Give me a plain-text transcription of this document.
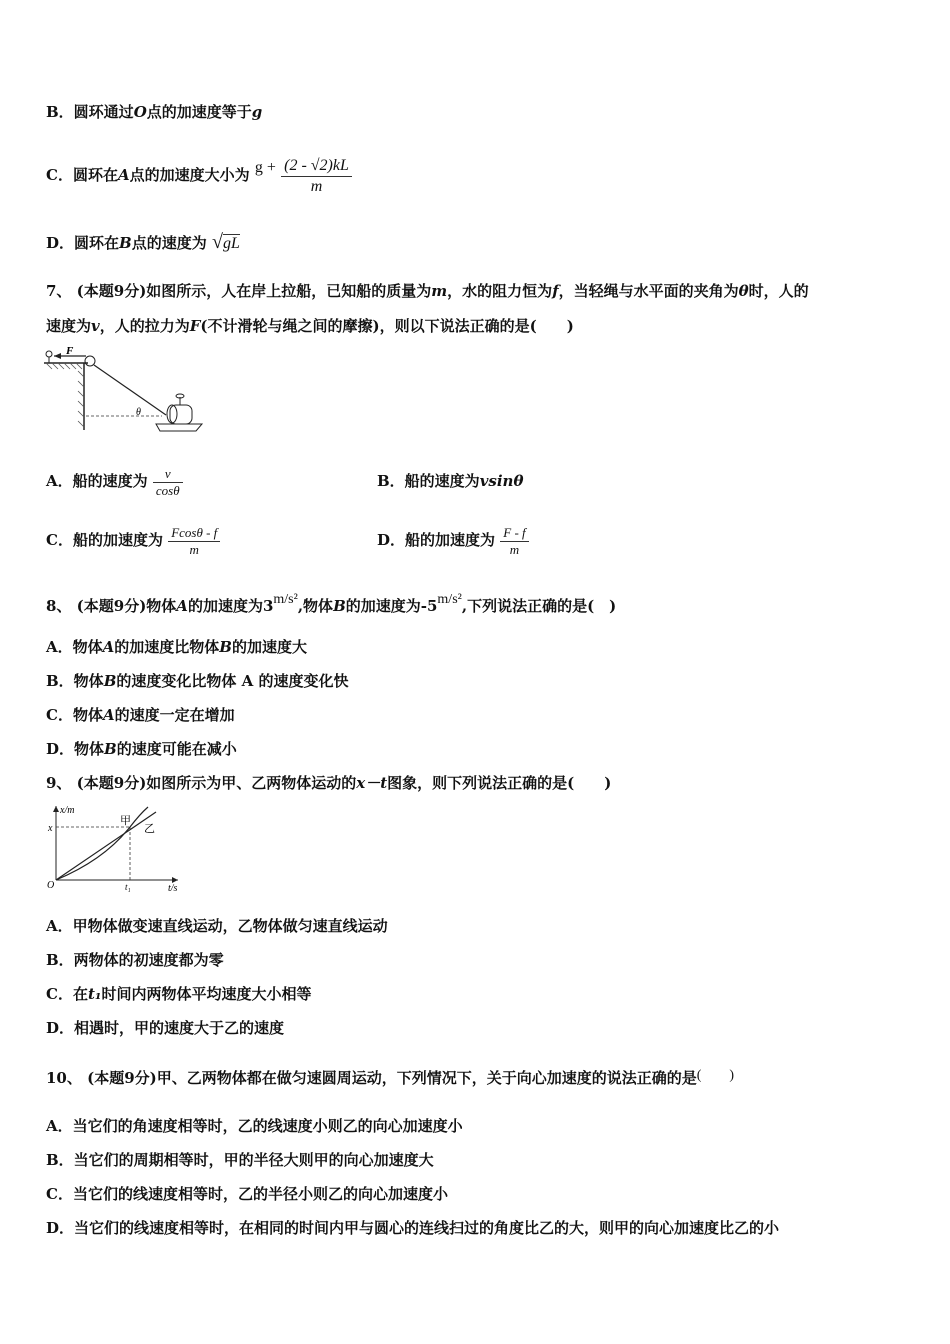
B．圆环通过O点的加速度等于g
C．圆环在A点的加速度大小为 $g + \frac{(2 - √2)kL}{m}$
D．圆环在B点的速度为 √gL
7、 (本题9分)如图所示，人在岸上拉船，已知船的质量为m，水的阻力恒为f，当轻绳与水平面的夹角为θ时，人的
速度为v，人的拉力为F(不计滑轮与绳之间的摩擦)，则以下说法正确的是(　　)
F
θ
A．船的速度为 $\frac{v}{\cos\theta}$	B．船的速度为vsinθ
C．船的加速度为 $\frac{Fcos\theta - f}{m}$	D．船的加速度为 $\frac{F - f}{m}$
8、 (本题9分)物体A的加速度为3m/s²,物体B的加速度为-5m/s²,下列说法正确的是(　)
A．物体A的加速度比物体B的加速度大
B．物体B的速度变化比物体 A 的速度变化快
C．物体A的速度一定在增加
D．物体B的速度可能在减小
9、 (本题9分)如图所示为甲、乙两物体运动的x－t图象，则下列说法正确的是(　　)
x/m
t/s
O
x
t₁
甲
乙
A．甲物体做变速直线运动，乙物体做匀速直线运动
B．两物体的初速度都为零
C．在t₁时间内两物体平均速度大小相等
D．相遇时，甲的速度大于乙的速度
10、 (本题9分)甲、乙两物体都在做匀速圆周运动，下列情况下，关于向心加速度的说法正确的是(　　)
A．当它们的角速度相等时，乙的线速度小则乙的向心加速度小
B．当它们的周期相等时，甲的半径大则甲的向心加速度大
C．当它们的线速度相等时，乙的半径小则乙的向心加速度小
D．当它们的线速度相等时，在相同的时间内甲与圆心的连线扫过的角度比乙的大，则甲的向心加速度比乙的小
